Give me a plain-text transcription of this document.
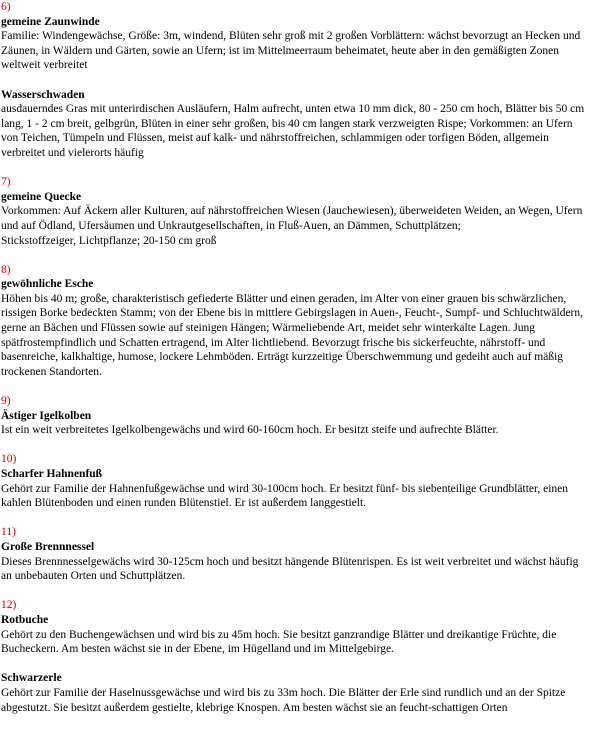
6)
gemeine Zaunwinde
Familie: Windengewächse, Größe: 3m, windend, Blüten sehr groß mit 2 großen Vorblättern: wächst bevorzugt an Hecken und Zäunen, in Wäldern und Gärten, sowie an Ufern; ist im Mittelmeerraum beheimatet, heute aber in den gemäßigten Zonen weltweit verbreitet
Wasserschwaden
ausdauerndes Gras mit unterirdischen Ausläufern, Halm aufrecht, unten etwa 10 mm dick, 80 - 250 cm hoch, Blätter bis 50 cm lang, 1 - 2 cm breit, gelbgrün, Blüten in einer sehr großen, bis 40 cm langen stark verzweigten Rispe; Vorkommen: an Ufern von Teichen, Tümpeln und Flüssen, meist auf kalk- und nährstoffreichen, schlammigen oder torfigen Böden, allgemein verbreitet und vielerorts häufig
7)
gemeine Quecke
Vorkommen: Auf Äckern aller Kulturen, auf nährstoffreichen Wiesen (Jauchewiesen), überweideten Weiden, an Wegen, Ufern und auf Ödland, Ufersäumen und Unkrautgesellschaften, in Fluß-Auen, an Dämmen, Schuttplätzen;
Stickstoffzeiger, Lichtpflanze; 20-150 cm groß
8)
gewöhnliche Esche
Höhen bis 40 m; große, charakteristisch gefiederte Blätter und einen geraden, im Alter von einer grauen bis schwärzlichen, rissigen Borke bedeckten Stamm; von der Ebene bis in mittlere Gebirgslagen in Auen-, Feucht-, Sumpf- und Schluchtwäldern, gerne an Bächen und Flüssen sowie auf steinigen Hängen; Wärmeliebende Art, meidet sehr winterkalte Lagen. Jung spätfrostempfindlich und Schatten ertragend, im Alter lichtliebend. Bevorzugt frische bis sickerfeuchte, nährstoff- und basenreiche, kalkhaltige, humose, lockere Lehmböden. Erträgt kurzzeitige Überschwemmung und gedeiht auch auf mäßig trockenen Standorten.
9)
Ästiger Igelkolben
Ist ein weit verbreitetes Igelkolbengewächs und wird 60-160cm hoch. Er besitzt steife und aufrechte Blätter.
10)
Scharfer Hahnenfuß
Gehört zur Familie der Hahnenfußgewächse und wird 30-100cm hoch. Er besitzt fünf- bis siebenteilige Grundblätter, einen kahlen Blütenboden und einen runden Blütenstiel. Er ist außerdem langgestielt.
11)
Große Brennnessel
Dieses Brennnesselgewächs wird 30-125cm hoch und besitzt hängende Blütenrispen. Es ist weit verbreitet und wächst häufig an unbebauten Orten und Schuttplätzen.
12)
Rotbuche
Gehört zu den Buchengewächsen und wird bis zu 45m hoch. Sie besitzt ganzrandige Blätter und dreikantige Früchte, die Bucheckern. Am besten wächst sie in der Ebene, im Hügelland und im Mittelgebirge.
Schwarzerle
Gehört zur Familie der Haselnussgewächse und wird bis zu 33m hoch. Die Blätter der Erle sind rundlich und an der Spitze abgestutzt. Sie besitzt außerdem gestielte, klebrige Knospen. Am besten wächst sie an feucht-schattigen Orten
